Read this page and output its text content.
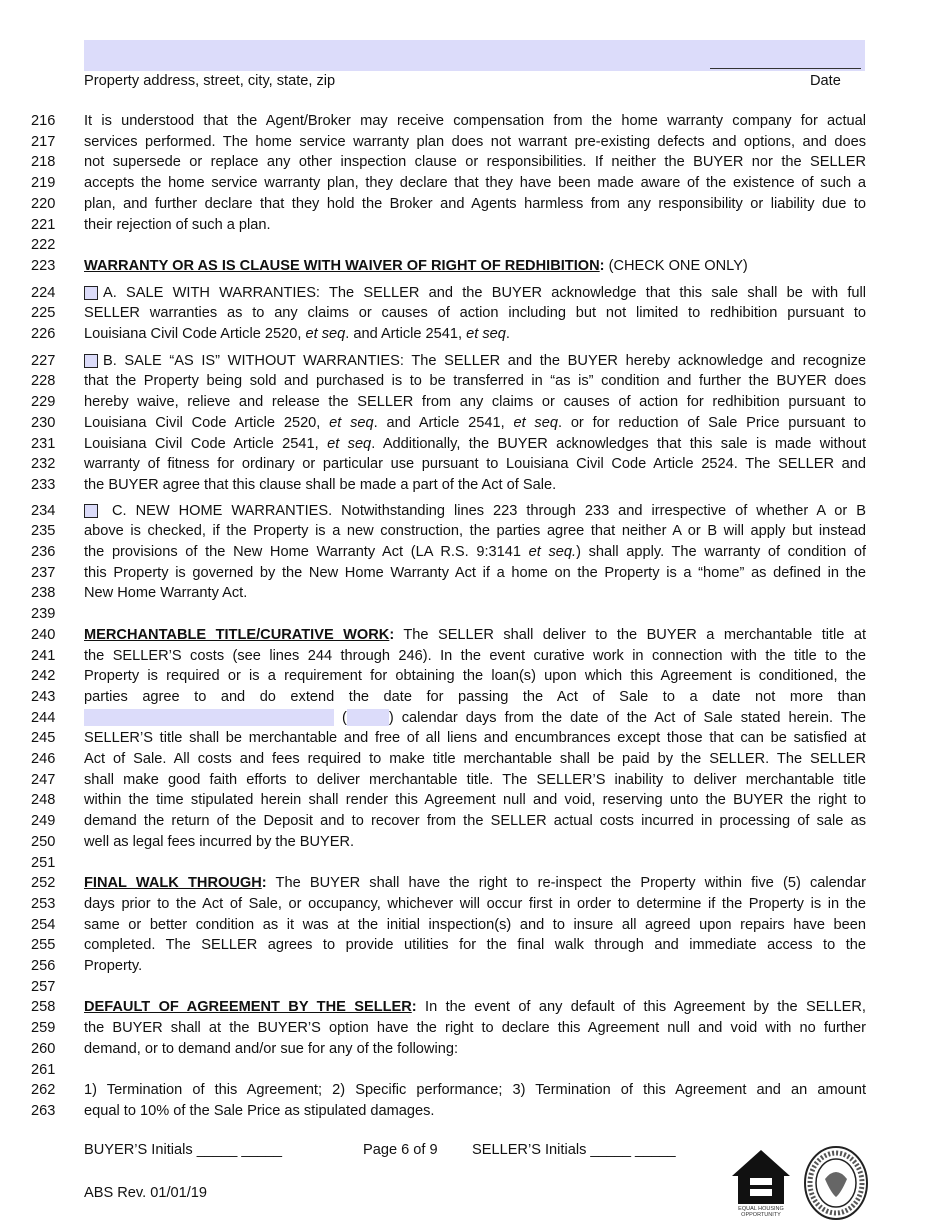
Property address, street, city, state, zip	Date
216 It is understood that the Agent/Broker may receive compensation from the home warranty company for actual
217 services performed. The home service warranty plan does not warrant pre-existing defects and options, and does
218 not supersede or replace any other inspection clause or responsibilities. If neither the BUYER nor the SELLER
219 accepts the home service warranty plan, they declare that they have been made aware of the existence of such a
220 plan, and further declare that they hold the Broker and Agents harmless from any responsibility or liability due to
221 their rejection of such a plan.
222
223 WARRANTY OR AS IS CLAUSE WITH WAIVER OF RIGHT OF REDHIBITION: (CHECK ONE ONLY)
224	A. SALE WITH WARRANTIES: The SELLER and the BUYER acknowledge that this sale shall be with full
225 SELLER warranties as to any claims or causes of action including but not limited to redhibition pursuant to
226 Louisiana Civil Code Article 2520, et seq. and Article 2541, et seq.
227	B. SALE “AS IS” WITHOUT WARRANTIES: The SELLER and the BUYER hereby acknowledge and recognize
228 that the Property being sold and purchased is to be transferred in “as is” condition and further the BUYER does
229 hereby waive, relieve and release the SELLER from any claims or causes of action for redhibition pursuant to
230 Louisiana Civil Code Article 2520, et seq. and Article 2541, et seq. or for reduction of Sale Price pursuant to
231 Louisiana Civil Code Article 2541, et seq. Additionally, the BUYER acknowledges that this sale is made without
232 warranty of fitness for ordinary or particular use pursuant to Louisiana Civil Code Article 2524. The SELLER and
233 the BUYER agree that this clause shall be made a part of the Act of Sale.
234	C. NEW HOME WARRANTIES. Notwithstanding lines 223 through 233 and irrespective of whether A or B
235 above is checked, if the Property is a new construction, the parties agree that neither A or B will apply but instead
236 the provisions of the New Home Warranty Act (LA R.S. 9:3141 et seq.) shall apply. The warranty of condition of
237 this Property is governed by the New Home Warranty Act if a home on the Property is a “home” as defined in the
238 New Home Warranty Act.
239
240 MERCHANTABLE TITLE/CURATIVE WORK: The SELLER shall deliver to the BUYER a merchantable title at
241 the SELLER’S costs (see lines 244 through 246). In the event curative work in connection with the title to the
242 Property is required or is a requirement for obtaining the loan(s) upon which this Agreement is conditioned, the
243 parties agree to and do extend the date for passing the Act of Sale to a date not more than
244	(	) calendar days from the date of the Act of Sale stated herein. The
245 SELLER’S title shall be merchantable and free of all liens and encumbrances except those that can be satisfied at
246 Act of Sale. All costs and fees required to make title merchantable shall be paid by the SELLER. The SELLER
247 shall make good faith efforts to deliver merchantable title. The SELLER’S inability to deliver merchantable title
248 within the time stipulated herein shall render this Agreement null and void, reserving unto the BUYER the right to
249 demand the return of the Deposit and to recover from the SELLER actual costs incurred in processing of sale as
250 well as legal fees incurred by the BUYER.
251
252 FINAL WALK THROUGH: The BUYER shall have the right to re-inspect the Property within five (5) calendar
253 days prior to the Act of Sale, or occupancy, whichever will occur first in order to determine if the Property is in the
254 same or better condition as it was at the initial inspection(s) and to insure all agreed upon repairs have been
255 completed. The SELLER agrees to provide utilities for the final walk through and immediate access to the
256 Property.
257
258 DEFAULT OF AGREEMENT BY THE SELLER: In the event of any default of this Agreement by the SELLER,
259 the BUYER shall at the BUYER’S option have the right to declare this Agreement null and void with no further
260 demand, or to demand and/or sue for any of the following:
261
262 1) Termination of this Agreement; 2) Specific performance; 3) Termination of this Agreement and an amount
263 equal to 10% of the Sale Price as stipulated damages.
BUYER’S Initials _____ _____	Page 6 of 9 SELLER’S Initials _____ _____
ABS Rev. 01/01/19
EQUAL HOUSING
OPPORTUNITY
